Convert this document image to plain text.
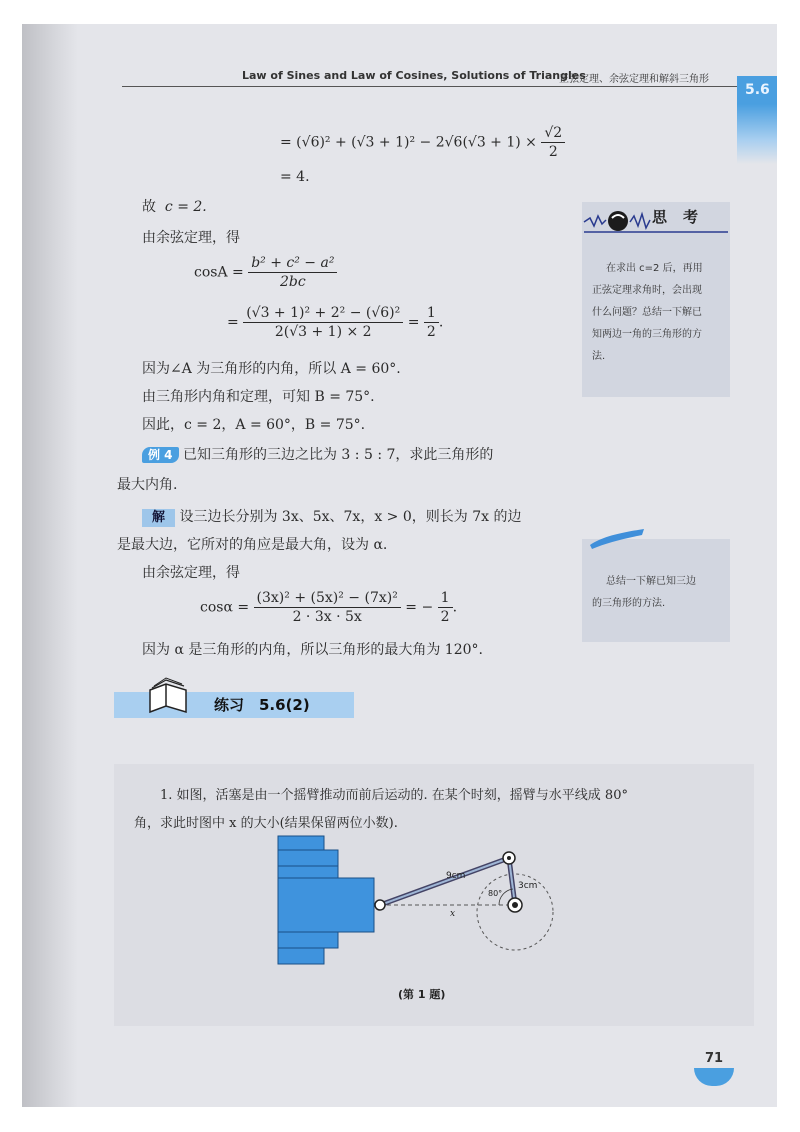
Law of Sines and Law of Cosines, Solutions of Triangles
正弦定理、余弦定理和解斜三角形
5.6
= $(√6)^2 + (√3 + 1)^2 - 2√6(√3 + 1) \times \frac{√2}{2}$
= 4.
故 c = 2.
由余弦定理，得
$\cos A = \frac{\text{b² + c² − a²}}{2bc}$
= $\frac{\text{(√3 + 1)² + 2² − (√6)²}}{2(√3 + 1) \times 2} = \frac{1}{2}$ .
因为∠A 为三角形的内角，所以 A = 60°.
由三角形内角和定理，可知 B = 75°.
因此，c = 2，A = 60°，B = 75°.
例 4 已知三角形的三边之比为 3 : 5 : 7，求此三角形的
最大内角.
解 设三边长分别为 3x、5x、7x，x > 0，则长为 7x 的边
是最大边，它所对的角应是最大角，设为 α.
由余弦定理，得
$\cos\alpha = \frac{\text{(3x)² + (5x)² − (7x)²}}{2 \cdot 3x \cdot 5x}$ = − $\frac{1}{2}$ .
因为 α 是三角形的内角，所以三角形的最大角为 120°.
思考
在求出 c=2 后，再用
正弦定理求角时，会出现
什么问题？总结一下解已
知两边一角的三角形的方
法.
总结一下解已知三边
的三角形的方法.
练习　5.6(2)
1. 如图，活塞是由一个摇臂推动而前后运动的. 在某个时刻，摇臂与水平线成 80°
角，求此时图中 x 的大小(结果保留两位小数).
9cm
3cm
80°
x
(第 1 题)
71
